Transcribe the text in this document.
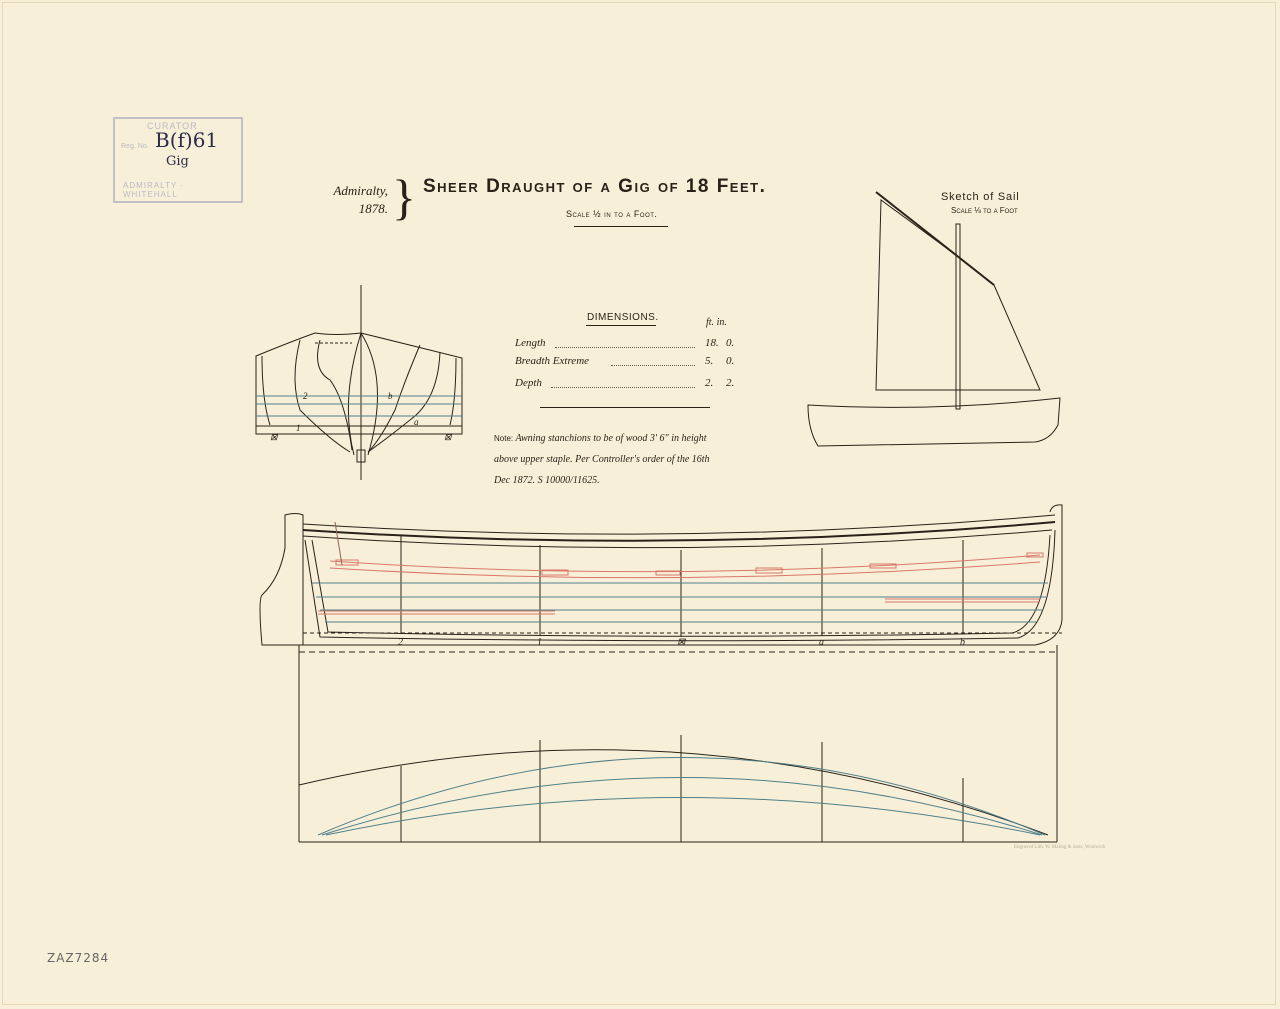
CURATOR
Reg. No.
ADMIRALTY · WHITEHALL
B(f)61
Gig
Admiralty,
1878. } Sheer Draught of a Gig of 18 Feet.
Scale ½ in to a Foot.
Sketch of Sail
Scale ⅛ to a Foot
DIMENSIONS.	ft. in.
Length	18. 0.
Breadth Extreme	5. 0.
Depth	2. 2.
Note: Awning stanchions to be of wood 3' 6" in height
above upper staple. Per Controller's order of the 16th
Dec 1872. S 10000/11625.
ZAZ7284
Engraved Lith. W. Maling & Sons, Woolwich
2	1	⊠	a	b
2
1
a
b
⊠	⊠
